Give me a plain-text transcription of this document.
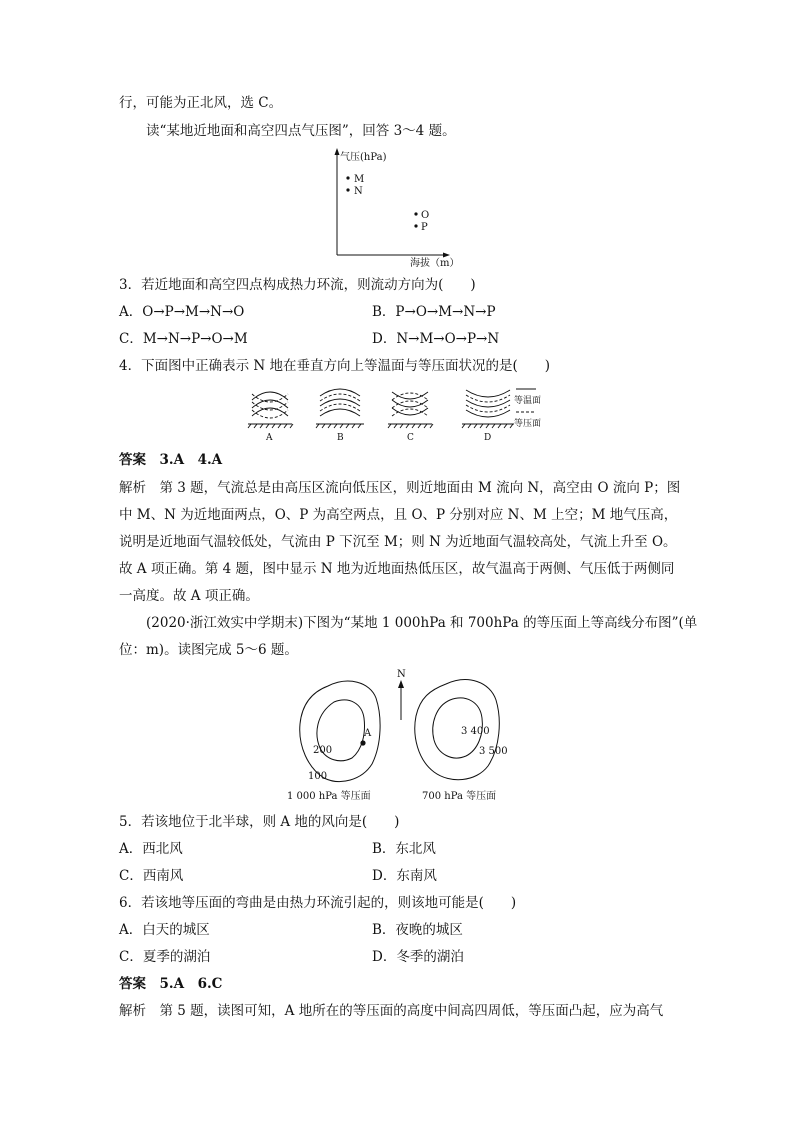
行，可能为正北风，选 C。
读“某地近地面和高空四点气压图”，回答 3～4 题。
气压(hPa)
海拔（m）
M
N
O
P
3．若近地面和高空四点构成热力环流，则流动方向为(　　)
A．O→P→M→N→O	B．P→O→M→N→P
C．M→N→P→O→M	D．N→M→O→P→N
4．下面图中正确表示 N 地在垂直方向上等温面与等压面状况的是(　　)
A	B	C	D
等温面
等压面
答案　3.A　4.A
解析　第 3 题，气流总是由高压区流向低压区，则近地面由 M 流向 N，高空由 O 流向 P；图
中 M、N 为近地面两点，O、P 为高空两点，且 O、P 分别对应 N、M 上空；M 地气压高，
说明是近地面气温较低处，气流由 P 下沉至 M；则 N 为近地面气温较高处，气流上升至 O。
故 A 项正确。第 4 题，图中显示 N 地为近地面热低压区，故气温高于两侧、气压低于两侧同
一高度。故 A 项正确。
(2020·浙江效实中学期末)下图为“某地 1 000hPa 和 700hPa 的等压面上等高线分布图”(单
位：m)。读图完成 5～6 题。
A
200
100
1 000 hPa 等压面
N
3 400
3 500
700 hPa 等压面
5．若该地位于北半球，则 A 地的风向是(　　)
A．西北风	B．东北风
C．西南风	D．东南风
6．若该地等压面的弯曲是由热力环流引起的，则该地可能是(　　)
A．白天的城区	B．夜晚的城区
C．夏季的湖泊	D．冬季的湖泊
答案　5.A　6.C
解析　第 5 题，读图可知，A 地所在的等压面的高度中间高四周低，等压面凸起，应为高气
